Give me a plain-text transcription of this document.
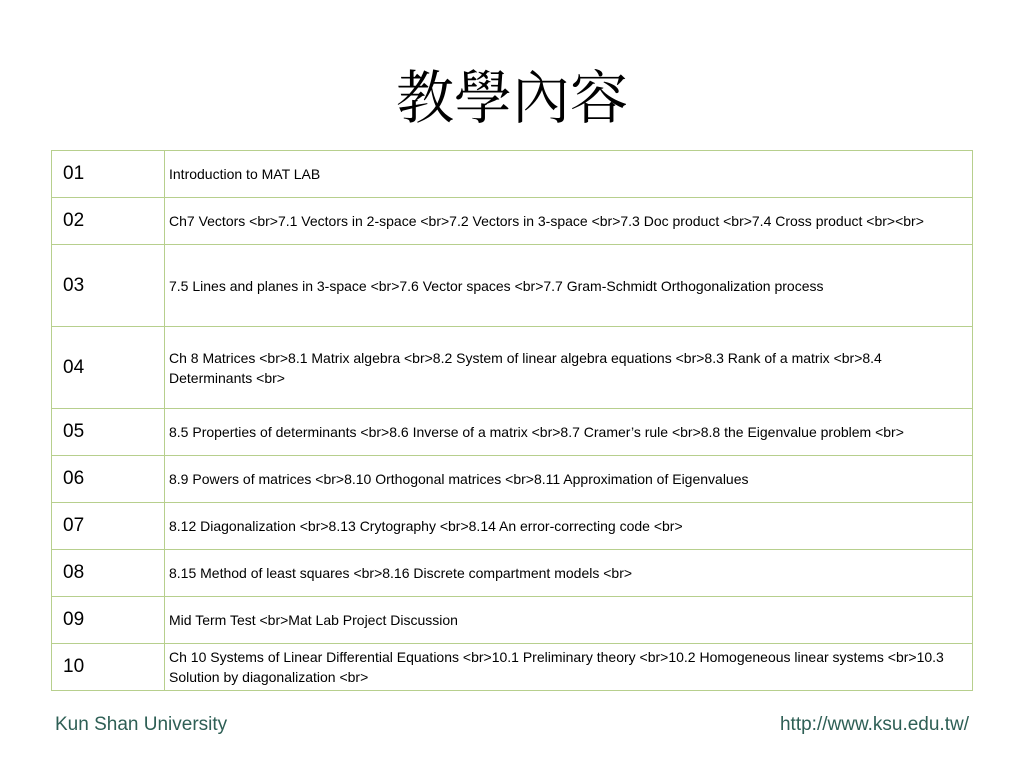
教學內容
01	Introduction to MAT LAB
02	Ch7 Vectors <br>7.1 Vectors in 2-space <br>7.2 Vectors in 3-space <br>7.3 Doc product <br>7.4 Cross product <br><br>
03	7.5 Lines and planes in 3-space <br>7.6 Vector spaces <br>7.7 Gram-Schmidt Orthogonalization process
04	Ch 8 Matrices <br>8.1 Matrix algebra <br>8.2 System of linear algebra equations <br>8.3 Rank of a matrix <br>8.4 Determinants <br>
05	8.5 Properties of determinants <br>8.6 Inverse of a matrix <br>8.7 Cramer’s rule <br>8.8 the Eigenvalue problem <br>
06	8.9 Powers of matrices <br>8.10 Orthogonal matrices <br>8.11 Approximation of Eigenvalues
07	8.12 Diagonalization <br>8.13 Crytography <br>8.14 An error-correcting code <br>
08	8.15 Method of least squares <br>8.16 Discrete compartment models <br>
09	Mid Term Test <br>Mat Lab Project Discussion
10	Ch 10 Systems of Linear Differential Equations <br>10.1 Preliminary theory <br>10.2 Homogeneous linear systems <br>10.3 Solution by diagonalization <br>
Kun Shan University	http://www.ksu.edu.tw/
